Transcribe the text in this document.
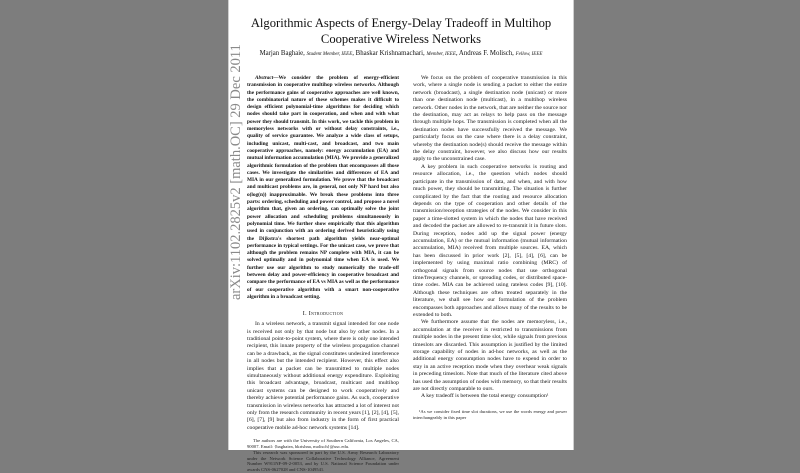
Algorithmic Aspects of Energy-Delay Tradeoff in Multihop
Cooperative Wireless Networks
Marjan Baghaie, Student Member, IEEE, Bhaskar Krishnamachari, Member, IEEE, Andreas F. Molisch, Fellow, IEEE

Abstract—We consider the problem of energy-efficient transmission in cooperative multihop wireless networks. Although the performance gains of cooperative approaches are well known, the combinatorial nature of these schemes makes it difficult to design efficient polynomial-time algorithms for deciding which nodes should take part in cooperation, and when and with what power they should transmit. In this work, we tackle this problem in memoryless networks with or without delay constraints, i.e., quality of service guarantee. We analyze a wide class of setups, including unicast, multi-cast, and broadcast, and two main cooperative approaches, namely: energy accumulation (EA) and mutual information accumulation (MIA). We provide a generalized algorithmic formulation of the problem that encompasses all those cases. We investigate the similarities and differences of EA and MIA in our generalized formulation. We prove that the broadcast and multicast problems are, in general, not only NP hard but also o(log(n)) inapproximable. We break these problems into three parts: ordering, scheduling and power control, and propose a novel algorithm that, given an ordering, can optimally solve the joint power allocation and scheduling problems simultaneously in polynomial time. We further show empirically that this algorithm used in conjunction with an ordering derived heuristically using the Dijkstra's shortest path algorithm yields near-optimal performance in typical settings. For the unicast case, we prove that although the problem remains NP complete with MIA, it can be solved optimally and in polynomial time when EA is used. We further use our algorithm to study numerically the trade-off between delay and power-efficiency in cooperative broadcast and compare the performance of EA vs MIA as well as the performance of our cooperative algorithm with a smart non-cooperative algorithm in a broadcast setting.

I. Introduction

In a wireless network, a transmit signal intended for one node is received not only by that node but also by other nodes. In a traditional point-to-point system, where there is only one intended recipient, this innate property of the wireless propagation channel can be a drawback, as the signal constitutes undesired interference in all nodes but the intended recipient. However, this effect also implies that a packet can be transmitted to multiple nodes simultaneously without additional energy expenditure. Exploiting this broadcast advantage, broadcast, multicast and multihop unicast systems can be designed to work cooperatively and thereby achieve potential performance gains. As such, cooperative transmission in wireless networks has attracted a lot of interest not only from the research community in recent years [1], [2], [4], [5], [6], [7], [9] but also from industry in the form of first practical cooperative mobile ad-hoc network systems [14].

The authors are with the University of Southern California, Los Angeles, CA, 90007. Email: {baghaiea, bkrishna, molisch}@usc.edu.

This research was sponsored in part by the U.S. Army Research Laboratory under the Network Science Collaborative Technology Alliance, Agreement Number W911NF-09-2-0053, and by U.S. National Science Foundation under awards CNS-0627028 and CNS-1049541.

We focus on the problem of cooperative transmission in this work, where a single node is sending a packet to either the entire network (broadcast), a single destination node (unicast) or more than one destination node (multicast), in a multihop wireless network. Other nodes in the network, that are neither the source nor the destination, may act as relays to help pass on the message through multiple hops. The transmission is completed when all the destination nodes have successfully received the message. We particularly focus on the case where there is a delay constraint, whereby the destination node(s) should receive the message within the delay constraint, however, we also discuss how our results apply to the unconstrained case.

A key problem in such cooperative networks is routing and resource allocation, i.e., the question which nodes should participate in the transmission of data, and when, and with how much power, they should be transmitting. The situation is further complicated by the fact that the routing and resource allocation depends on the type of cooperation and other details of the transmission/reception strategies of the nodes. We consider in this paper a time-slotted system in which the nodes that have received and decoded the packet are allowed to re-transmit it in future slots. During reception, nodes add up the signal power (energy accumulation, EA) or the mutual information (mutual information accumulation, MIA) received from multiple sources. EA, which has been discussed in prior work [2], [5], [4], [6], can be implemented by using maximal ratio combining (MRC) of orthogonal signals from source nodes that use orthogonal time/frequency channels, or spreading codes, or distributed space-time codes. MIA can be achieved using rateless codes [9], [10]. Although these techniques are often treated separately in the literature, we shall see how our formulation of the problem encompasses both approaches and allows many of the results to be extended to both.

We furthermore assume that the nodes are memoryless, i.e., accumulation at the receiver is restricted to transmissions from multiple nodes in the present time slot, while signals from previous timeslots are discarded. This assumption is justified by the limited storage capability of nodes in ad-hoc networks, as well as the additional energy consumption nodes have to expend in order to stay in an active reception mode when they overhear weak signals in preceding timeslots. Note that much of the literature cited above has used the assumption of nodes with memory, so that their results are not directly comparable to ours.

A key tradeoff is between the total energy consumption¹

¹As we consider fixed time slot durations, we use the words energy and power interchangeably in this paper

arXiv:1102.2825v2 [math.OC] 29 Dec 2011
